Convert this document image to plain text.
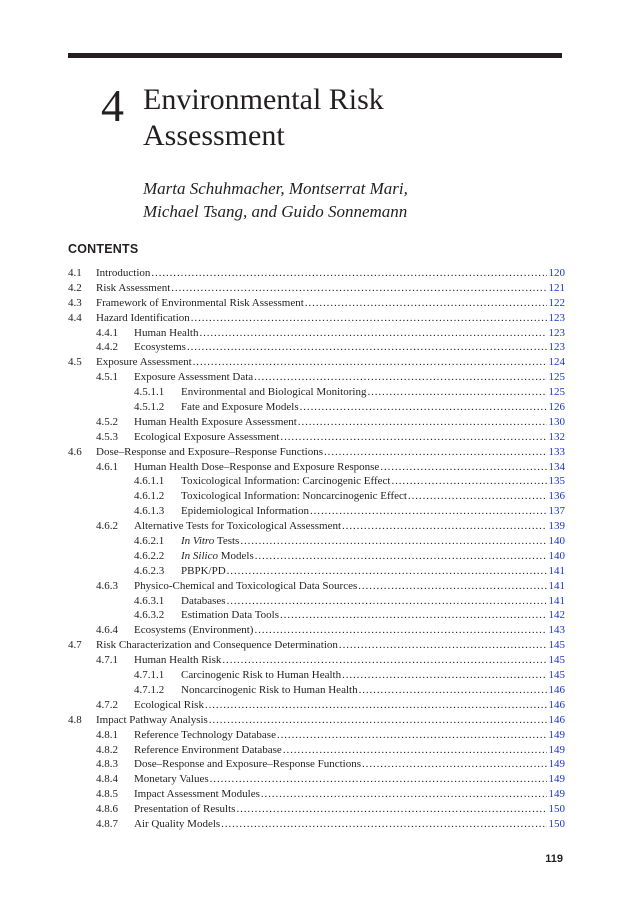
4 Environmental Risk Assessment
Marta Schuhmacher, Montserrat Mari,
Michael Tsang, and Guido Sonnemann
CONTENTS
4.1 Introduction .....	120
4.2 Risk Assessment .....	121
4.3 Framework of Environmental Risk Assessment .....	122
4.4 Hazard Identification .....	123
4.4.1 Human Health .....	123
4.4.2 Ecosystems .....	123
4.5 Exposure Assessment .....	124
4.5.1 Exposure Assessment Data .....	125
4.5.1.1 Environmental and Biological Monitoring .....	125
4.5.1.2 Fate and Exposure Models .....	126
4.5.2 Human Health Exposure Assessment .....	130
4.5.3 Ecological Exposure Assessment .....	132
4.6 Dose–Response and Exposure–Response Functions .....	133
4.6.1 Human Health Dose–Response and Exposure Response .....	134
4.6.1.1 Toxicological Information: Carcinogenic Effect .....	135
4.6.1.2 Toxicological Information: Noncarcinogenic Effect .....	136
4.6.1.3 Epidemiological Information .....	137
4.6.2 Alternative Tests for Toxicological Assessment .....	139
4.6.2.1 In Vitro Tests .....	140
4.6.2.2 In Silico Models .....	140
4.6.2.3 PBPK/PD .....	141
4.6.3 Physico-Chemical and Toxicological Data Sources .....	141
4.6.3.1 Databases .....	141
4.6.3.2 Estimation Data Tools .....	142
4.6.4 Ecosystems (Environment) .....	143
4.7 Risk Characterization and Consequence Determination .....	145
4.7.1 Human Health Risk .....	145
4.7.1.1 Carcinogenic Risk to Human Health .....	145
4.7.1.2 Noncarcinogenic Risk to Human Health .....	146
4.7.2 Ecological Risk .....	146
4.8 Impact Pathway Analysis .....	146
4.8.1 Reference Technology Database .....	149
4.8.2 Reference Environment Database .....	149
4.8.3 Dose–Response and Exposure–Response Functions .....	149
4.8.4 Monetary Values .....	149
4.8.5 Impact Assessment Modules .....	149
4.8.6 Presentation of Results .....	150
4.8.7 Air Quality Models .....	150
119
